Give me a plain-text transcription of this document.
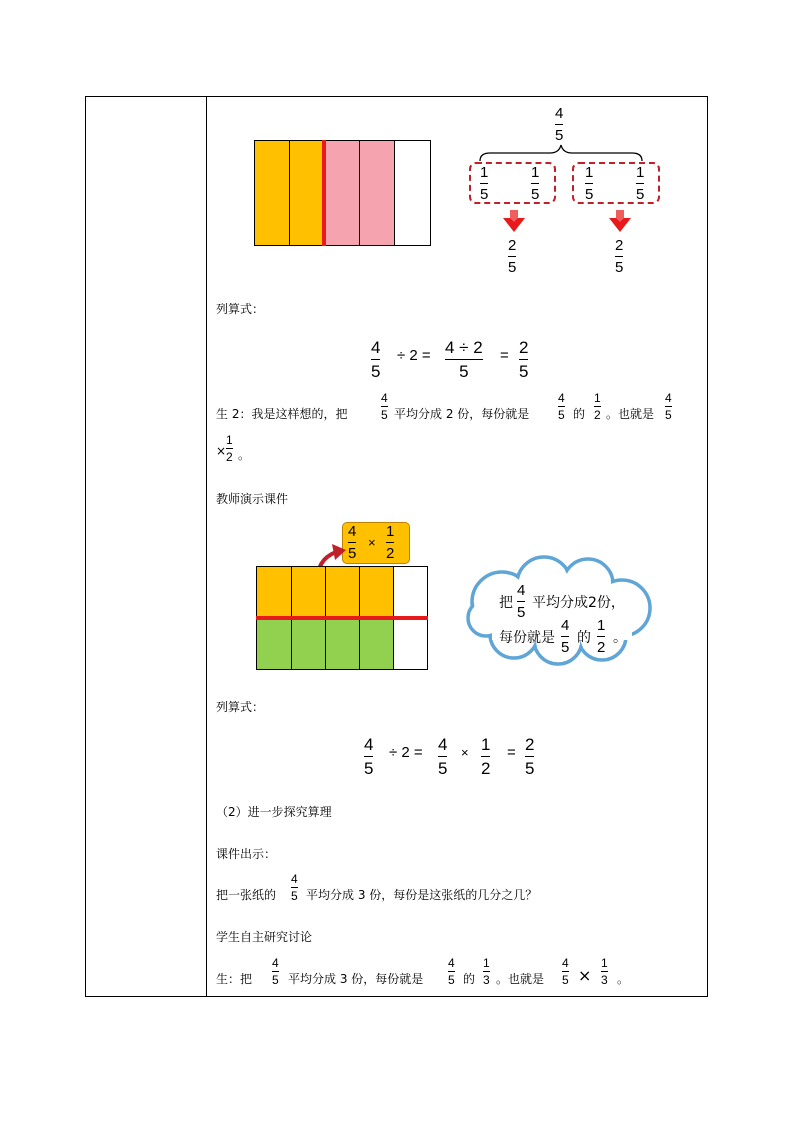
4
5
1
5
1
5
1
5
1
5
2
5
2
5
列算式：
4
5
÷ 2 = 4 ÷ 2
5
= 2
5
生 2：我是这样想的，把
4
5 平均分成 2 份，每份就是
4
5 的
1
2 。也就是
4
5
×
1
2 。
教师演示课件
4
5
×
1
2
把
4
5
平均分成2份，
每份就是
4
5
的
1
2
。
列算式：
4
5
÷ 2 = 4
5
× 1
2
= 2
5
（2）进一步探究算理
课件出示：
把一张纸的
4
5 平均分成 3 份，每份是这张纸的几分之几？
学生自主研究讨论
生：把
4
5 平均分成 3 份，每份就是
4
5 的
1
3 。也就是
4
5 ×
1
3 。
